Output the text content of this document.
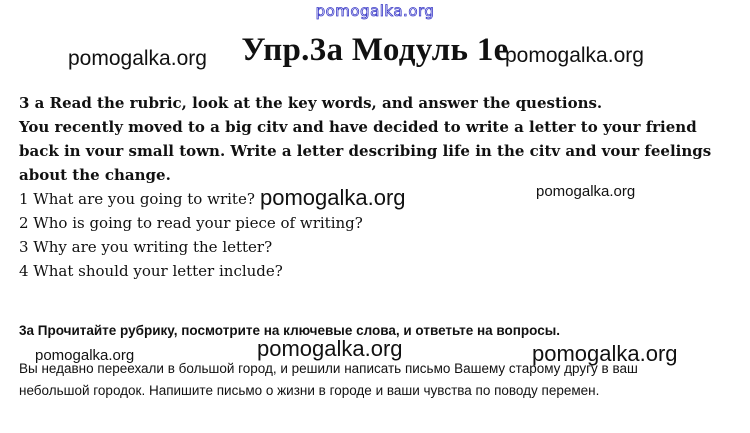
pomogalka.org
pomogalka.org	Упр.3а Модуль 1е
pomogalka.org
3 a Read the rubric, look at the key words, and answer the questions.
You recently moved to a big citv and have decided to write a letter to your friend
back in vour small town. Write a letter describing life in the citv and vour feelings
about the change.
1 What are you going to write?
2 Who is going to read your piece of writing?
3 Why are you writing the letter?
4 What should your letter include?
pomogalka.org	pomogalka.org
3а Прочитайте рубрику, посмотрите на ключевые слова, и ответьте на вопросы.
pomogalka.org	pomogalka.org	pomogalka.org
Вы недавно переехали в большой город, и решили написать письмо Вашему старому другу в ваш
небольшой городок. Напишите письмо о жизни в городе и ваши чувства по поводу перемен.
